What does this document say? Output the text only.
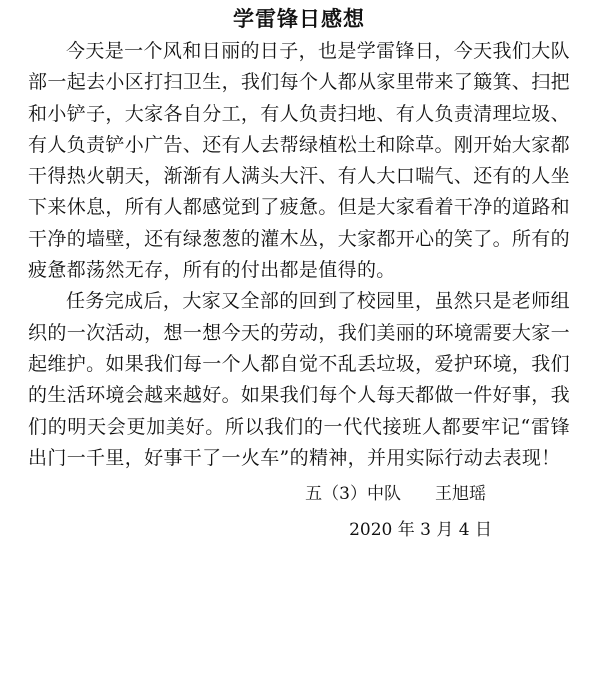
学雷锋日感想

今天是一个风和日丽的日子，也是学雷锋日，今天我们大队部一起去小区打扫卫生，我们每个人都从家里带来了簸箕、扫把和小铲子，大家各自分工，有人负责扫地、有人负责清理垃圾、有人负责铲小广告、还有人去帮绿植松土和除草。刚开始大家都干得热火朝天，渐渐有人满头大汗、有人大口喘气、还有的人坐下来休息，所有人都感觉到了疲惫。但是大家看着干净的道路和干净的墙壁，还有绿葱葱的灌木丛，大家都开心的笑了。所有的疲惫都荡然无存，所有的付出都是值得的。

任务完成后，大家又全部的回到了校园里，虽然只是老师组织的一次活动，想一想今天的劳动，我们美丽的环境需要大家一起维护。如果我们每一个人都自觉不乱丢垃圾，爱护环境，我们的生活环境会越来越好。如果我们每个人每天都做一件好事，我们的明天会更加美好。所以我们的一代代接班人都要牢记“雷锋出门一千里，好事干了一火车”的精神，并用实际行动去表现！

五（3）中队 王旭瑶
2020 年 3 月 4 日
